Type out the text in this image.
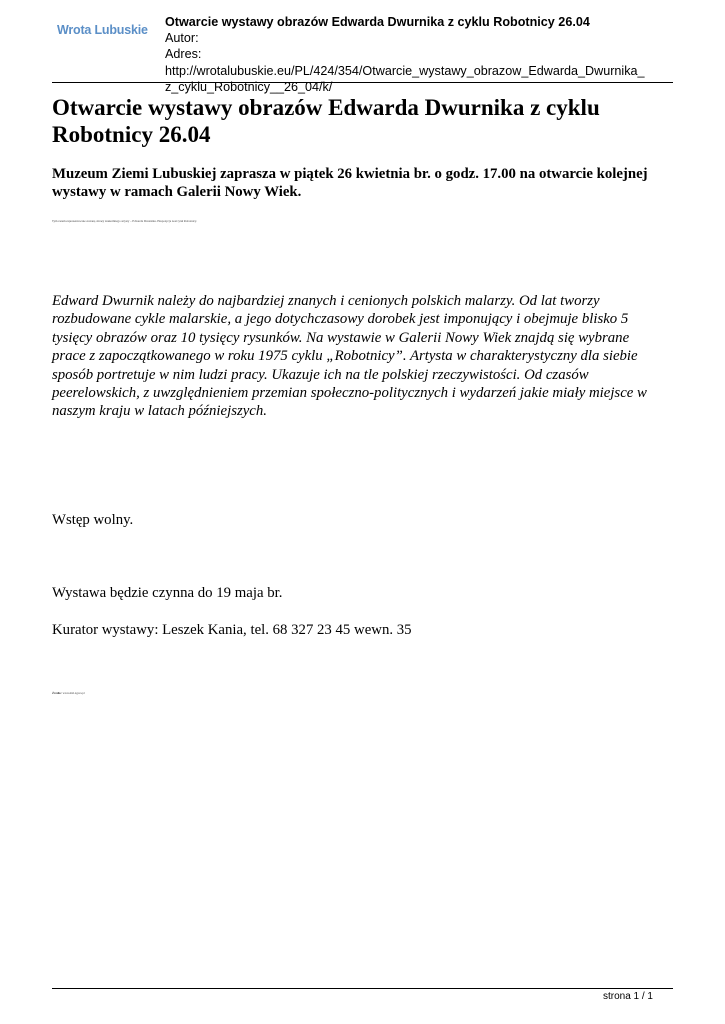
Wrota Lubuskie
Otwarcie wystawy obrazów Edwarda Dwurnika z cyklu Robotnicy 26.04
Autor:
Adres: http://wrotalubuskie.eu/PL/424/354/Otwarcie_wystawy_obrazow_Edwarda_Dwurnika_
z_cyklu_Robotnicy__26_04/k/
Otwarcie wystawy obrazów Edwarda Dwurnika z cyklu Robotnicy 26.04
Muzeum Ziemi Lubuskiej zaprasza w piątek 26 kwietnia br. o godz. 17.00 na otwarcie kolejnej wystawy w ramach Galerii Nowy Wiek.
Tym razem zaprezentowane zostaną obrazy znakomitego artysty – Edwarda Dwurnika. Ekspozycja nosi tytuł Robotnicy.
Edward Dwurnik należy do najbardziej znanych i cenionych polskich malarzy. Od lat tworzy rozbudowane cykle malarskie, a jego dotychczasowy dorobek jest imponujący i obejmuje blisko 5 tysięcy obrazów oraz 10 tysięcy rysunków. Na wystawie w Galerii Nowy Wiek znajdą się wybrane prace z zapoczątkowanego w roku 1975 cyklu „Robotnicy”. Artysta w charakterystyczny dla siebie sposób portretuje w nim ludzi pracy. Ukazuje ich na tle polskiej rzeczywistości. Od czasów peerelowskich, z uwzględnieniem przemian społeczno-politycznych i wydarzeń jakie miały miejsce w naszym kraju w latach późniejszych.
Wstęp wolny.
Wystawa będzie czynna do 19 maja br.
Kurator wystawy: Leszek Kania, tel. 68 327 23 45 wewn. 35
Źródło: www.mzl.zgora.pl
strona 1 / 1
